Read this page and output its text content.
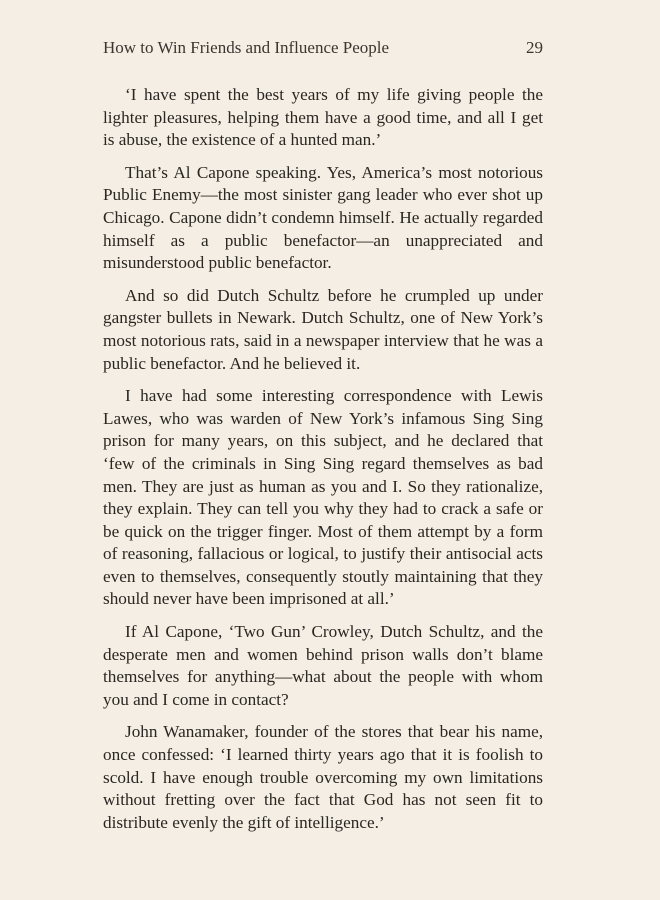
How to Win Friends and Influence People	29

‘I have spent the best years of my life giving people the lighter pleasures, helping them have a good time, and all I get is abuse, the existence of a hunted man.’

That’s Al Capone speaking. Yes, America’s most notorious Public Enemy—the most sinister gang leader who ever shot up Chicago. Capone didn’t condemn himself. He actually regarded himself as a public benefactor—an unappreciated and misunderstood public benefactor.

And so did Dutch Schultz before he crumpled up under gangster bullets in Newark. Dutch Schultz, one of New York’s most notorious rats, said in a newspaper interview that he was a public benefactor. And he believed it.

I have had some interesting correspondence with Lewis Lawes, who was warden of New York’s infamous Sing Sing prison for many years, on this subject, and he declared that ‘few of the criminals in Sing Sing regard themselves as bad men. They are just as human as you and I. So they rationalize, they explain. They can tell you why they had to crack a safe or be quick on the trigger finger. Most of them attempt by a form of reasoning, fallacious or logical, to justify their antisocial acts even to themselves, consequently stoutly maintaining that they should never have been imprisoned at all.’

If Al Capone, ‘Two Gun’ Crowley, Dutch Schultz, and the desperate men and women behind prison walls don’t blame themselves for anything—what about the people with whom you and I come in contact?

John Wanamaker, founder of the stores that bear his name, once confessed: ‘I learned thirty years ago that it is foolish to scold. I have enough trouble overcoming my own limitations without fretting over the fact that God has not seen fit to distribute evenly the gift of intelligence.’
